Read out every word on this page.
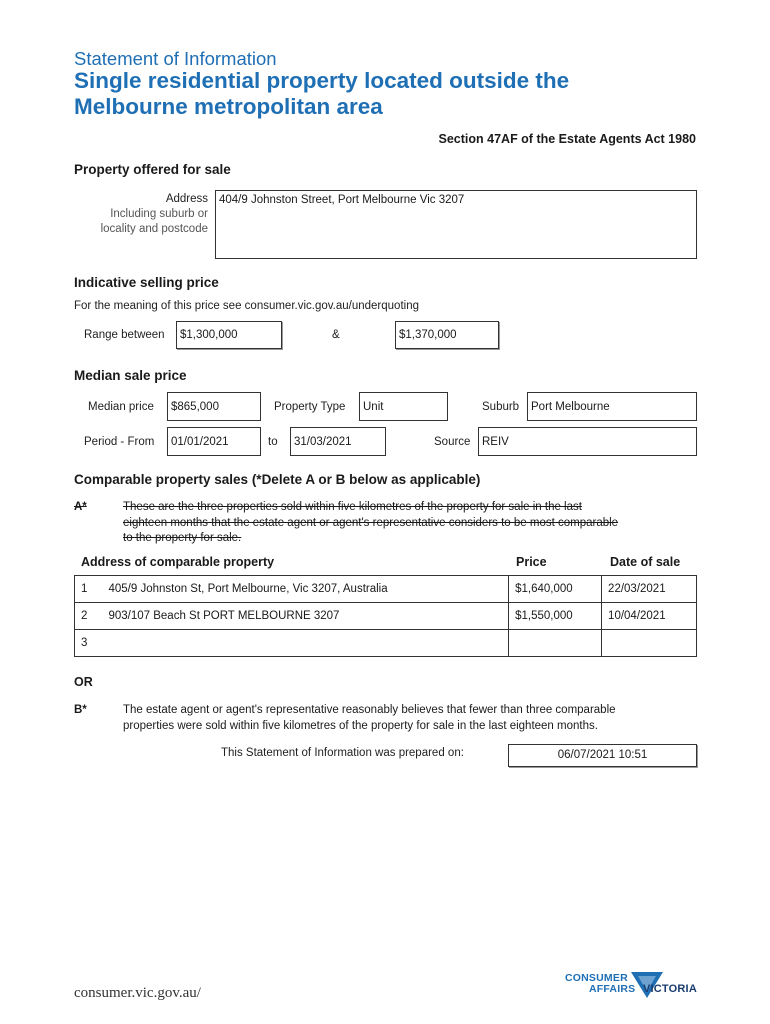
Statement of Information
Single residential property located outside the
Melbourne metropolitan area
Section 47AF of the Estate Agents Act 1980
Property offered for sale
Address
Including suburb or
locality and postcode
404/9 Johnston Street, Port Melbourne Vic 3207
Indicative selling price
For the meaning of this price see consumer.vic.gov.au/underquoting
Range between	$1,300,000	&	$1,370,000
Median sale price
Median price	$865,000	Property Type	Unit	Suburb	Port Melbourne
Period - From	01/01/2021	to	31/03/2021	Source	REIV
Comparable property sales (*Delete A or B below as applicable)
A*	These are the three properties sold within five kilometres of the property for sale in the last
eighteen months that the estate agent or agent's representative considers to be most comparable
to the property for sale.
Address of comparable property	Price	Date of sale
1	405/9 Johnston St, Port Melbourne, Vic 3207, Australia	$1,640,000	22/03/2021
2	903/107 Beach St PORT MELBOURNE 3207	$1,550,000	10/04/2021
3			
OR
B*	The estate agent or agent's representative reasonably believes that fewer than three comparable
properties were sold within five kilometres of the property for sale in the last eighteen months.
This Statement of Information was prepared on:	06/07/2021 10:51
consumer.vic.gov.au/
CONSUMER
AFFAIRS VICTORIA
